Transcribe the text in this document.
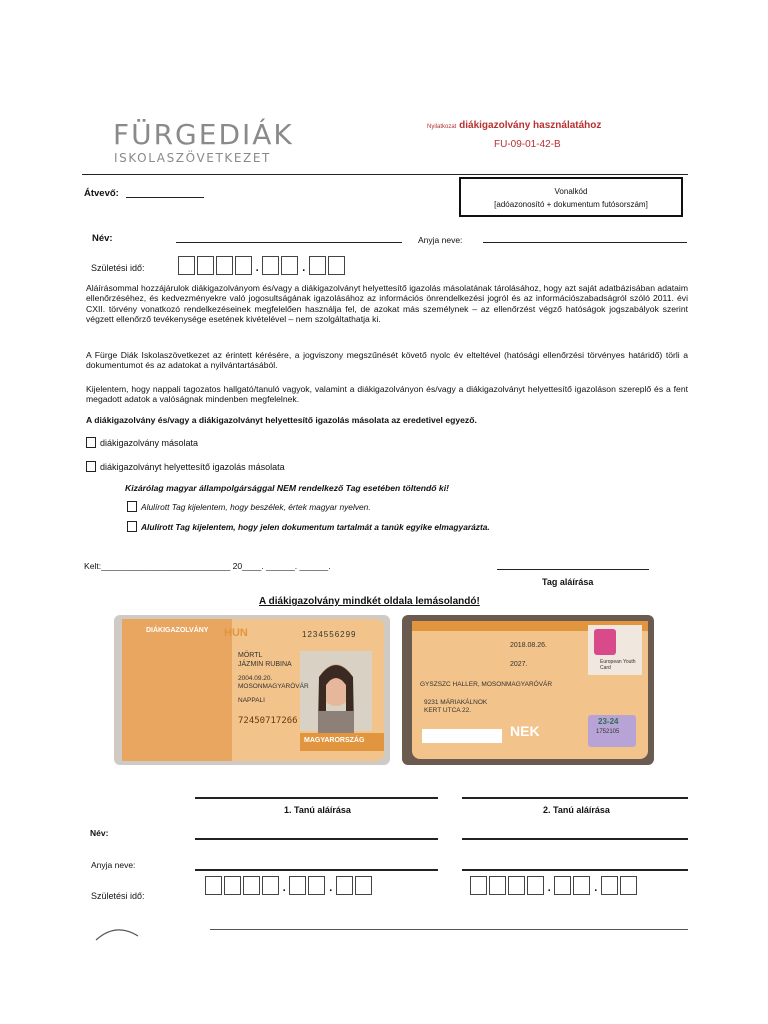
FÜRGEDIÁK
ISKOLASZÖVETKEZET
Nyilatkozat diákigazolvány használatához
FU-09-01-42-B
Átvevő:	Vonalkód
[adóazonosító + dokumentum futósorszám]
Név:	Anyja neve:
Születési idő:	.	.
Aláírásommal hozzájárulok diákigazolványom és/vagy a diákigazolványt helyettesítő igazolás másolatának tárolásához, hogy azt saját adatbázisában adataim ellenőrzéséhez, és kedvezményekre való jogosultságának igazolásához az információs önrendelkezési jogról és az információszabadságról szóló 2011. évi CXII. törvény vonatkozó rendelkezéseinek megfelelően használja fel, de azokat más személynek – az ellenőrzést végző hatóságok jogszabályok szerint végzett ellenőrző tevékenysége esetének kivételével – nem szolgáltathatja ki.
A Fürge Diák Iskolaszövetkezet az érintett kérésére, a jogviszony megszűnését követő nyolc év elteltével (hatósági ellenőrzési törvényes határidő) törli a dokumentumot és az adatokat a nyilvántartásából.
Kijelentem, hogy nappali tagozatos hallgató/tanuló vagyok, valamint a diákigazolványon és/vagy a diákigazolványt helyettesítő igazoláson szereplő és a fent megadott adatok a valóságnak mindenben megfelelnek.
A diákigazolvány és/vagy a diákigazolványt helyettesítő igazolás másolata az eredetivel egyező.
diákigazolvány másolata
diákigazolványt helyettesítő igazolás másolata
Kizárólag magyar állampolgársággal NEM rendelkező Tag esetében töltendő ki!
Alulírott Tag kijelentem, hogy beszélek, értek magyar nyelven.
Alulírott Tag kijelentem, hogy jelen dokumentum tartalmát a tanúk egyike elmagyarázta.
Kelt:___________________________ 20____. ______. ______.
Tag aláírása
A diákigazolvány mindkét oldala lemásolandó!
DIÁKIGAZOLVÁNY HUN	1234556299
MÖRTL
JÁZMIN RUBINA
2004.09.20.
MOSONMAGYARÓVÁR
NAPPALI
72450717266
MAGYARORSZÁG
2018.08.26.
2027.	European Youth Card
GYSZSZC HALLER, MOSONMAGYARÓVÁR
9231 MÁRIAKÁLNOK
KERT UTCA 22.
NEK
23-24
1752105
1. Tanú aláírása	2. Tanú aláírása
Név:
Anyja neve:
Születési idő:
.	.	.	.
